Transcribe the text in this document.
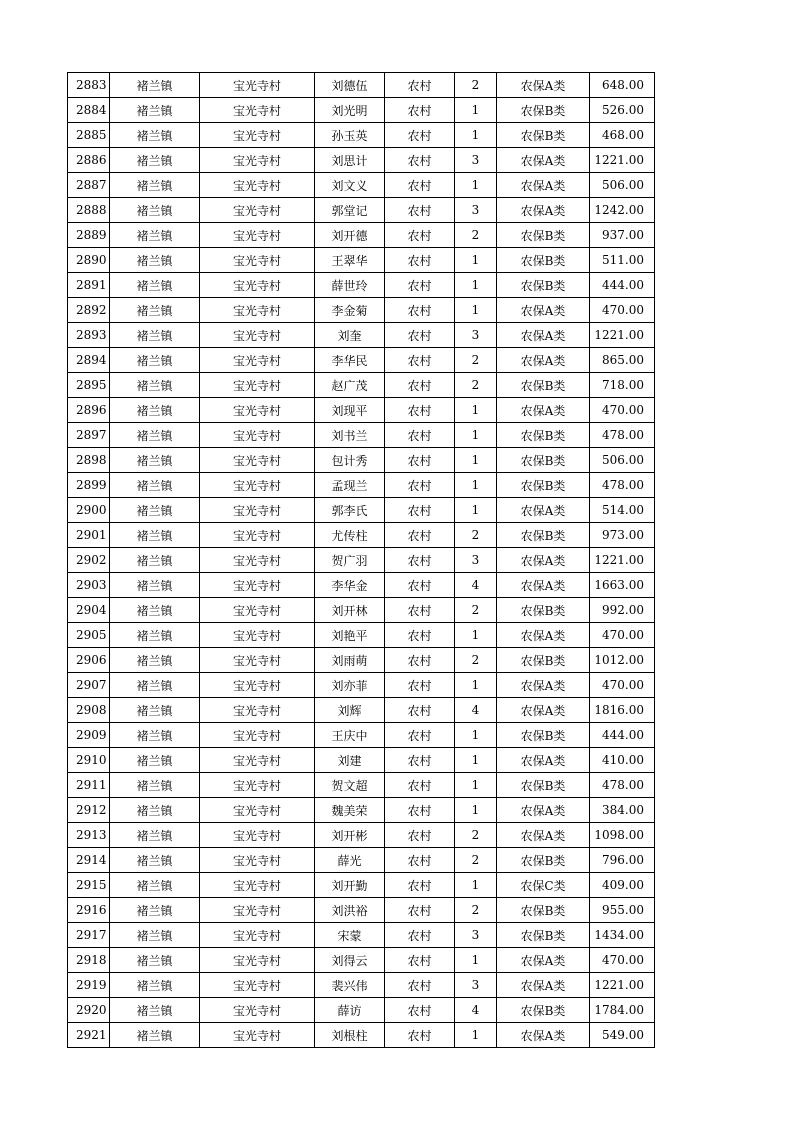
2883	褚兰镇	宝光寺村	刘德伍	农村	2	农保A类	648.00
2884	褚兰镇	宝光寺村	刘光明	农村	1	农保B类	526.00
2885	褚兰镇	宝光寺村	孙玉英	农村	1	农保B类	468.00
2886	褚兰镇	宝光寺村	刘思计	农村	3	农保A类	1221.00
2887	褚兰镇	宝光寺村	刘文义	农村	1	农保A类	506.00
2888	褚兰镇	宝光寺村	郭堂记	农村	3	农保A类	1242.00
2889	褚兰镇	宝光寺村	刘开德	农村	2	农保B类	937.00
2890	褚兰镇	宝光寺村	王翠华	农村	1	农保B类	511.00
2891	褚兰镇	宝光寺村	薛世玲	农村	1	农保B类	444.00
2892	褚兰镇	宝光寺村	李金菊	农村	1	农保A类	470.00
2893	褚兰镇	宝光寺村	刘奎	农村	3	农保A类	1221.00
2894	褚兰镇	宝光寺村	李华民	农村	2	农保A类	865.00
2895	褚兰镇	宝光寺村	赵广茂	农村	2	农保B类	718.00
2896	褚兰镇	宝光寺村	刘现平	农村	1	农保A类	470.00
2897	褚兰镇	宝光寺村	刘书兰	农村	1	农保B类	478.00
2898	褚兰镇	宝光寺村	包计秀	农村	1	农保B类	506.00
2899	褚兰镇	宝光寺村	孟现兰	农村	1	农保B类	478.00
2900	褚兰镇	宝光寺村	郭李氏	农村	1	农保A类	514.00
2901	褚兰镇	宝光寺村	尤传柱	农村	2	农保B类	973.00
2902	褚兰镇	宝光寺村	贺广羽	农村	3	农保A类	1221.00
2903	褚兰镇	宝光寺村	李华金	农村	4	农保A类	1663.00
2904	褚兰镇	宝光寺村	刘开林	农村	2	农保B类	992.00
2905	褚兰镇	宝光寺村	刘艳平	农村	1	农保A类	470.00
2906	褚兰镇	宝光寺村	刘雨萌	农村	2	农保B类	1012.00
2907	褚兰镇	宝光寺村	刘亦菲	农村	1	农保A类	470.00
2908	褚兰镇	宝光寺村	刘辉	农村	4	农保A类	1816.00
2909	褚兰镇	宝光寺村	王庆中	农村	1	农保B类	444.00
2910	褚兰镇	宝光寺村	刘建	农村	1	农保A类	410.00
2911	褚兰镇	宝光寺村	贺文超	农村	1	农保B类	478.00
2912	褚兰镇	宝光寺村	魏美荣	农村	1	农保A类	384.00
2913	褚兰镇	宝光寺村	刘开彬	农村	2	农保A类	1098.00
2914	褚兰镇	宝光寺村	薛光	农村	2	农保B类	796.00
2915	褚兰镇	宝光寺村	刘开勤	农村	1	农保C类	409.00
2916	褚兰镇	宝光寺村	刘洪裕	农村	2	农保B类	955.00
2917	褚兰镇	宝光寺村	宋蒙	农村	3	农保B类	1434.00
2918	褚兰镇	宝光寺村	刘得云	农村	1	农保A类	470.00
2919	褚兰镇	宝光寺村	裴兴伟	农村	3	农保A类	1221.00
2920	褚兰镇	宝光寺村	薛访	农村	4	农保B类	1784.00
2921	褚兰镇	宝光寺村	刘根柱	农村	1	农保A类	549.00
